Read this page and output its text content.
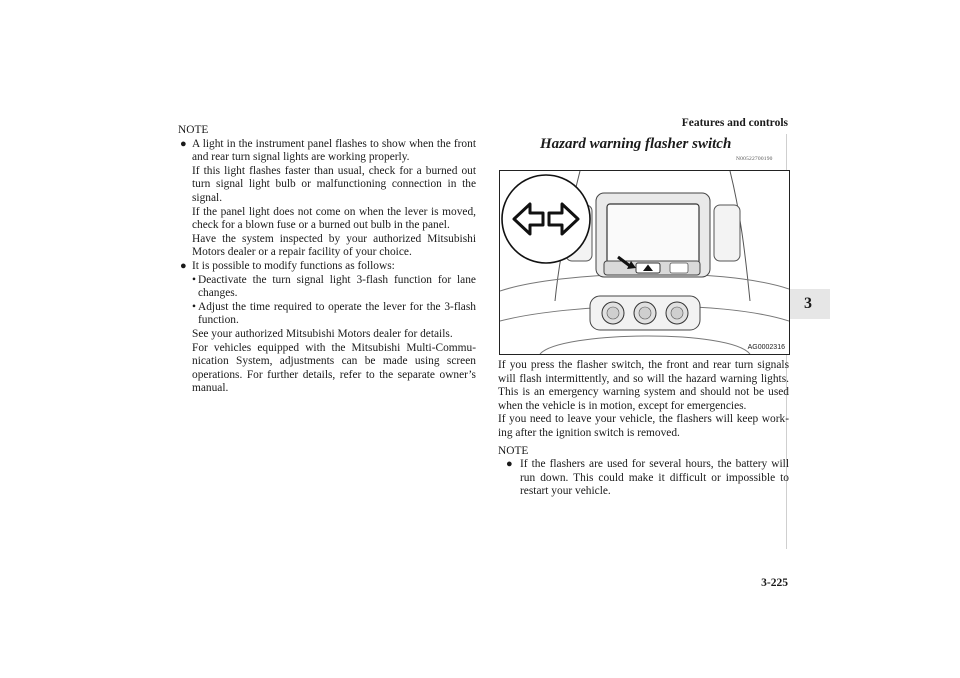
Features and controls
3
NOTE
● A light in the instrument panel flashes to show when the front and rear turn signal lights are working properly.
If this light flashes faster than usual, check for a burned out turn signal light bulb or malfunctioning connection in the signal.
If the panel light does not come on when the lever is moved, check for a blown fuse or a burned out bulb in the panel.
Have the system inspected by your authorized Mitsubishi Motors dealer or a repair facility of your choice.
● It is possible to modify functions as follows:
• Deactivate the turn signal light 3-flash function for lane changes.
• Adjust the time required to operate the lever for the 3-flash function.
See your authorized Mitsubishi Motors dealer for details.
For vehicles equipped with the Mitsubishi Multi-Commu-nication System, adjustments can be made using screen operations. For further details, refer to the separate owner’s manual.
Hazard warning flasher switch
N00522700190
AG0002316
If you press the flasher switch, the front and rear turn signals will flash intermittently, and so will the hazard warning lights. This is an emergency warning system and should not be used when the vehicle is in motion, except for emergencies.
If you need to leave your vehicle, the flashers will keep work-ing after the ignition switch is removed.
NOTE
● If the flashers are used for several hours, the battery will run down. This could make it difficult or impossible to restart your vehicle.
3-225
